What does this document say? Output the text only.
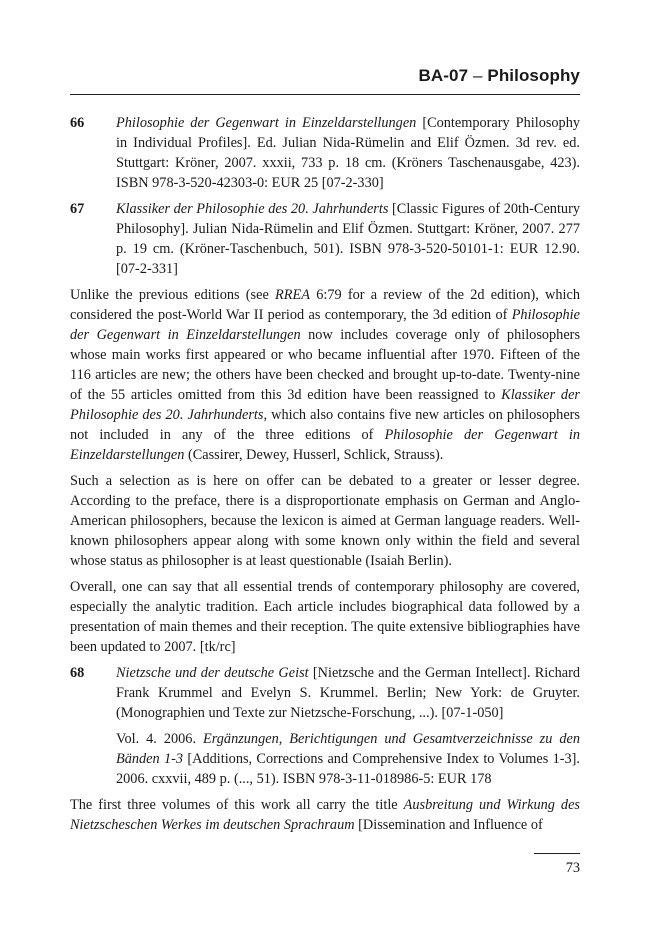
BA-07 – Philosophy
66	Philosophie der Gegenwart in Einzeldarstellungen [Contemporary Philosophy in Individual Profiles]. Ed. Julian Nida-Rümelin and Elif Özmen. 3d rev. ed. Stuttgart: Kröner, 2007. xxxii, 733 p. 18 cm. (Kröners Taschenausgabe, 423). ISBN 978-3-520-42303-0: EUR 25 [07-2-330]
67	Klassiker der Philosophie des 20. Jahrhunderts [Classic Figures of 20th-Century Philosophy]. Julian Nida-Rümelin and Elif Özmen. Stuttgart: Kröner, 2007. 277 p. 19 cm. (Kröner-Taschenbuch, 501). ISBN 978-3-520-50101-1: EUR 12.90. [07-2-331]

Unlike the previous editions (see RREA 6:79 for a review of the 2d edition), which considered the post-World War II period as contemporary, the 3d edition of Philosophie der Gegenwart in Einzeldarstellungen now includes coverage only of philosophers whose main works first appeared or who became influential after 1970. Fifteen of the 116 articles are new; the others have been checked and brought up-to-date. Twenty-nine of the 55 articles omitted from this 3d edition have been reassigned to Klassiker der Philosophie des 20. Jahrhunderts, which also contains five new articles on philosophers not included in any of the three editions of Philosophie der Gegenwart in Einzeldarstellungen (Cassirer, Dewey, Husserl, Schlick, Strauss).

Such a selection as is here on offer can be debated to a greater or lesser degree. According to the preface, there is a disproportionate emphasis on German and Anglo-American philosophers, because the lexicon is aimed at German language readers. Well-known philosophers appear along with some known only within the field and several whose status as philosopher is at least questionable (Isaiah Berlin).

Overall, one can say that all essential trends of contemporary philosophy are covered, especially the analytic tradition. Each article includes biographical data followed by a presentation of main themes and their reception. The quite extensive bibliographies have been updated to 2007. [tk/rc]

68	Nietzsche und der deutsche Geist [Nietzsche and the German Intellect]. Richard Frank Krummel and Evelyn S. Krummel. Berlin; New York: de Gruyter. (Monographien und Texte zur Nietzsche-Forschung, ...). [07-1-050]
Vol. 4. 2006. Ergänzungen, Berichtigungen und Gesamtverzeichnisse zu den Bänden 1-3 [Additions, Corrections and Comprehensive Index to Volumes 1-3]. 2006. cxxvii, 489 p. (..., 51). ISBN 978-3-11-018986-5: EUR 178

The first three volumes of this work all carry the title Ausbreitung und Wirkung des Nietzscheschen Werkes im deutschen Sprachraum [Dissemination and Influence of

73
